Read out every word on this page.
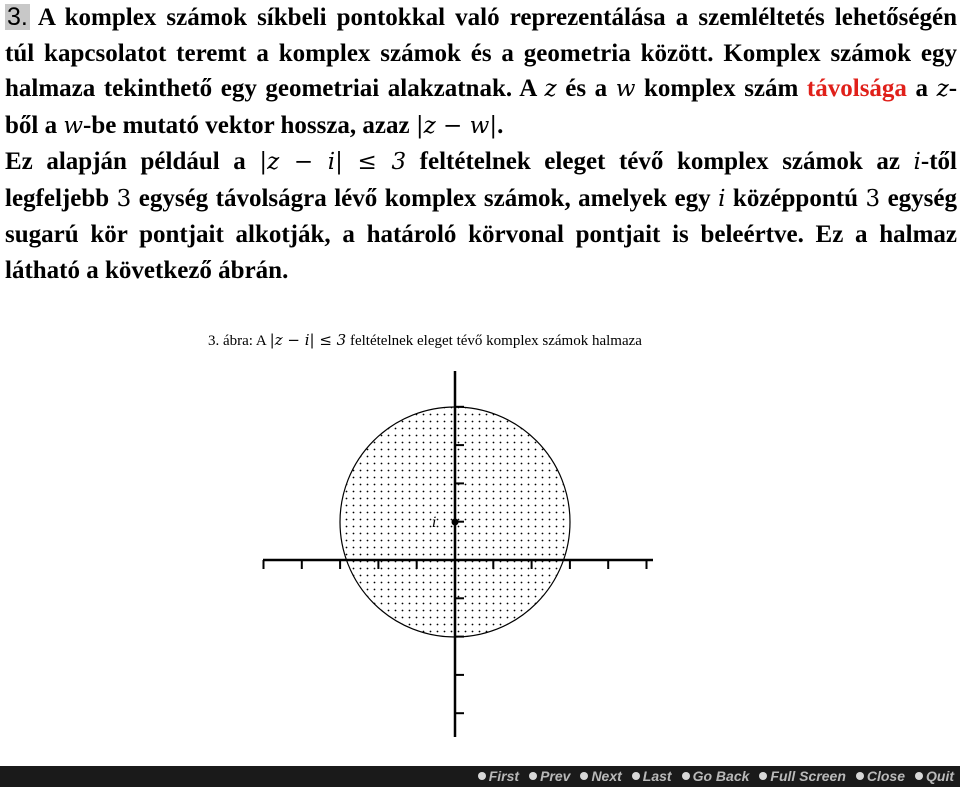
3. A komplex számok síkbeli pontokkal való reprezentálása a szemléltetés lehetőségén túl kapcsolatot teremt a komplex számok és a geometria között. Komplex számok egy halmaza tekinthető egy geometriai alakzatnak. A z és a w komplex szám távolsága a z-ből a w-be mutató vektor hossza, azaz |z − w|.

Ez alapján például a |z − i| ≤ 3 feltételnek eleget tévő komplex számok az i-től legfeljebb 3 egység távolságra lévő komplex számok, amelyek egy i középpontú 3 egység sugarú kör pontjait alkotják, a határoló körvonal pontjait is beleértve. Ez a halmaz látható a következő ábrán.

3. ábra: A |z − i| ≤ 3 feltételnek eleget tévő komplex számok halmaza
i
First Prev Next Last Go Back Full Screen Close Quit
